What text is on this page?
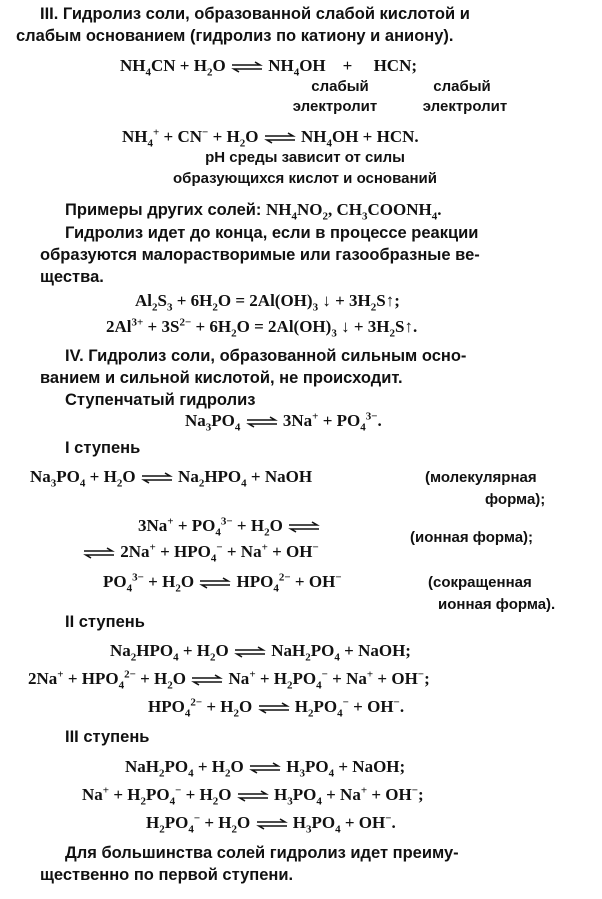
III. Гидролиз соли, образованной слабой кислотой и
слабым основанием (гидролиз по катиону и аниону).
$NH_4CN + H_2O$ ⇌ $NH_4OH$    +     HCN;
слабый
электролит
слабый
электролит
$NH_4^+ + CN^- + H_2O$ ⇌ $NH_4OH$ + HCN.
pH среды зависит от силы
образующихся кислот и оснований
Примеры других солей: $NH_4NO_2$, $CH_3COONH_4$.
Гидролиз идет до конца, если в процессе реакции
образуются малорастворимые или газообразные ве-
щества.
$Al_2S_3 + 6H_2O = 2Al(OH)_3$ ↓ + $3H_2S↑$;
$2Al^{3+} + 3S^{2-} + 6H_2O = 2Al(OH)_3$ ↓ + $3H_2S↑$.
IV. Гидролиз соли, образованной сильным осно-
ванием и сильной кислотой, не происходит.
Ступенчатый гидролиз
$Na_3PO_4$ ⇌ $3Na^+ + PO_4^{3-}$.
I ступень
$Na_3PO_4 + H_2O$ ⇌ $Na_2HPO_4$ + NaOH	(молекулярная
форма);
$3Na^+ + PO_4^{3-} + H_2O$ ⇌
⇌ $2Na^+ + HPO_4^- + Na^+ + OH^-$
(ионная форма);
$PO_4^{3-} + H_2O$ ⇌ $HPO_4^{2-} + OH^-$	(сокращенная
ионная форма).
II ступень
$Na_2HPO_4 + H_2O$ ⇌ $NaH_2PO_4$ + NaOH;
$2Na^+ + HPO_4^{2-} + H_2O$ ⇌ $Na^+ + H_2PO_4^- + Na^+ + OH^-$;
$HPO_4^{2-} + H_2O$ ⇌ $H_2PO_4^- + OH^-$.
III ступень
$NaH_2PO_4 + H_2O$ ⇌ $H_3PO_4$ + NaOH;
$Na^+ + H_2PO_4^- + H_2O$ ⇌ $H_3PO_4 + Na^+ + OH^-$;
$H_2PO_4^- + H_2O$ ⇌ $H_3PO_4 + OH^-$.
Для большинства солей гидролиз идет преиму-
щественно по первой ступени.
